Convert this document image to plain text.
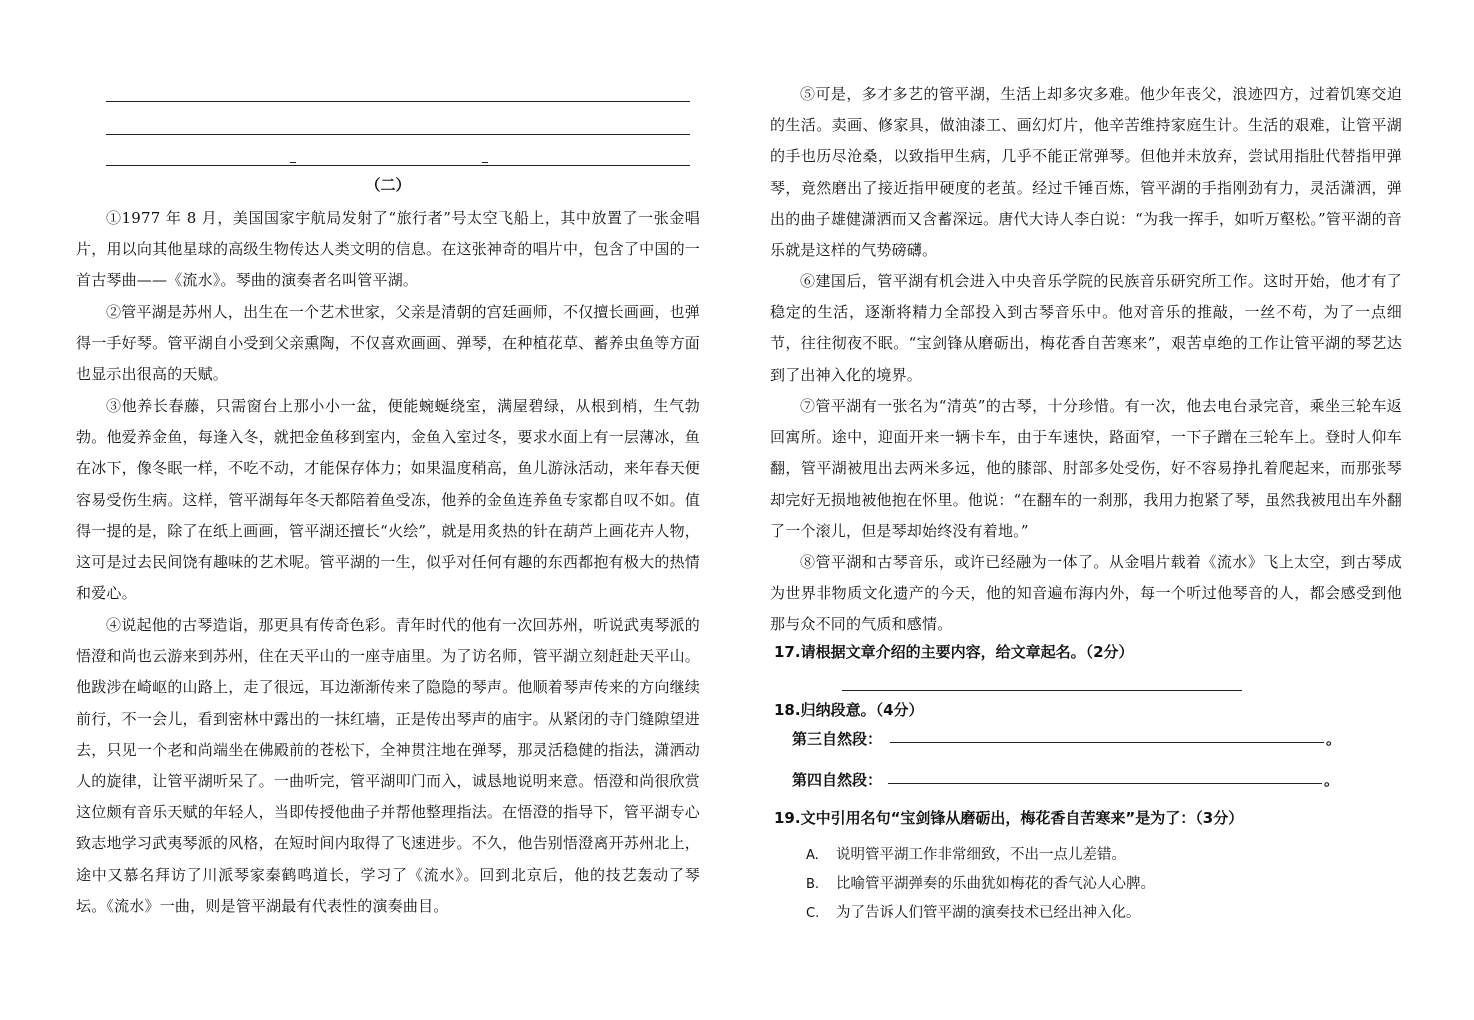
（二）

①1977 年 8 月，美国国家宇航局发射了“旅行者”号太空飞船上，其中放置了一张金唱片，用以向其他星球的高级生物传达人类文明的信息。在这张神奇的唱片中，包含了中国的一首古琴曲——《流水》。琴曲的演奏者名叫管平湖。

②管平湖是苏州人，出生在一个艺术世家，父亲是清朝的宫廷画师，不仅擅长画画，也弹得一手好琴。管平湖自小受到父亲熏陶，不仅喜欢画画、弹琴，在种植花草、蓄养虫鱼等方面也显示出很高的天赋。

③他养长春藤，只需窗台上那小小一盆，便能蜿蜒绕室，满屋碧绿，从根到梢，生气勃勃。他爱养金鱼，每逢入冬，就把金鱼移到室内，金鱼入室过冬，要求水面上有一层薄冰，鱼在冰下，像冬眠一样，不吃不动，才能保存体力；如果温度稍高，鱼儿游泳活动，来年春天便容易受伤生病。这样，管平湖每年冬天都陪着鱼受冻，他养的金鱼连养鱼专家都自叹不如。值得一提的是，除了在纸上画画，管平湖还擅长“火绘”，就是用炙热的针在葫芦上画花卉人物，这可是过去民间饶有趣味的艺术呢。管平湖的一生，似乎对任何有趣的东西都抱有极大的热情和爱心。

④说起他的古琴造诣，那更具有传奇色彩。青年时代的他有一次回苏州，听说武夷琴派的悟澄和尚也云游来到苏州，住在天平山的一座寺庙里。为了访名师，管平湖立刻赶赴天平山。他跋涉在崎岖的山路上，走了很远，耳边渐渐传来了隐隐的琴声。他顺着琴声传来的方向继续前行，不一会儿，看到密林中露出的一抹红墙，正是传出琴声的庙宇。从紧闭的寺门缝隙望进去，只见一个老和尚端坐在佛殿前的苍松下，全神贯注地在弹琴，那灵活稳健的指法，潇洒动人的旋律，让管平湖听呆了。一曲听完，管平湖叩门而入，诚恳地说明来意。悟澄和尚很欣赏这位颇有音乐天赋的年轻人，当即传授他曲子并帮他整理指法。在悟澄的指导下，管平湖专心致志地学习武夷琴派的风格，在短时间内取得了飞速进步。不久，他告别悟澄离开苏州北上，途中又慕名拜访了川派琴家秦鹤鸣道长，学习了《流水》。回到北京后，他的技艺轰动了琴坛。《流水》一曲，则是管平湖最有代表性的演奏曲目。

⑤可是，多才多艺的管平湖，生活上却多灾多难。他少年丧父，浪迹四方，过着饥寒交迫的生活。卖画、修家具，做油漆工、画幻灯片，他辛苦维持家庭生计。生活的艰难，让管平湖的手也历尽沧桑，以致指甲生病，几乎不能正常弹琴。但他并未放弃，尝试用指肚代替指甲弹琴，竟然磨出了接近指甲硬度的老茧。经过千锤百炼，管平湖的手指刚劲有力，灵活潇洒，弹出的曲子雄健潇洒而又含蓄深远。唐代大诗人李白说：“为我一挥手，如听万壑松。”管平湖的音乐就是这样的气势磅礴。

⑥建国后，管平湖有机会进入中央音乐学院的民族音乐研究所工作。这时开始，他才有了稳定的生活，逐渐将精力全部投入到古琴音乐中。他对音乐的推敲，一丝不苟，为了一点细节，往往彻夜不眠。“宝剑锋从磨砺出，梅花香自苦寒来”，艰苦卓绝的工作让管平湖的琴艺达到了出神入化的境界。

⑦管平湖有一张名为“清英”的古琴，十分珍惜。有一次，他去电台录完音，乘坐三轮车返回寓所。途中，迎面开来一辆卡车，由于车速快，路面窄，一下子蹭在三轮车上。登时人仰车翻，管平湖被甩出去两米多远，他的膝部、肘部多处受伤，好不容易挣扎着爬起来，而那张琴却完好无损地被他抱在怀里。他说：“在翻车的一刹那，我用力抱紧了琴，虽然我被甩出车外翻了一个滚儿，但是琴却始终没有着地。”

⑧管平湖和古琴音乐，或许已经融为一体了。从金唱片载着《流水》飞上太空，到古琴成为世界非物质文化遗产的今天，他的知音遍布海内外，每一个听过他琴音的人，都会感受到他那与众不同的气质和感情。

17.请根据文章介绍的主要内容，给文章起名。（2分）

18.归纳段意。（4分）

第三自然段：	。
第四自然段：	。

19.文中引用名句“宝剑锋从磨砺出，梅花香自苦寒来”是为了：（3分）

A. 说明管平湖工作非常细致，不出一点儿差错。
B. 比喻管平湖弹奏的乐曲犹如梅花的香气沁人心脾。
C. 为了告诉人们管平湖的演奏技术已经出神入化。
